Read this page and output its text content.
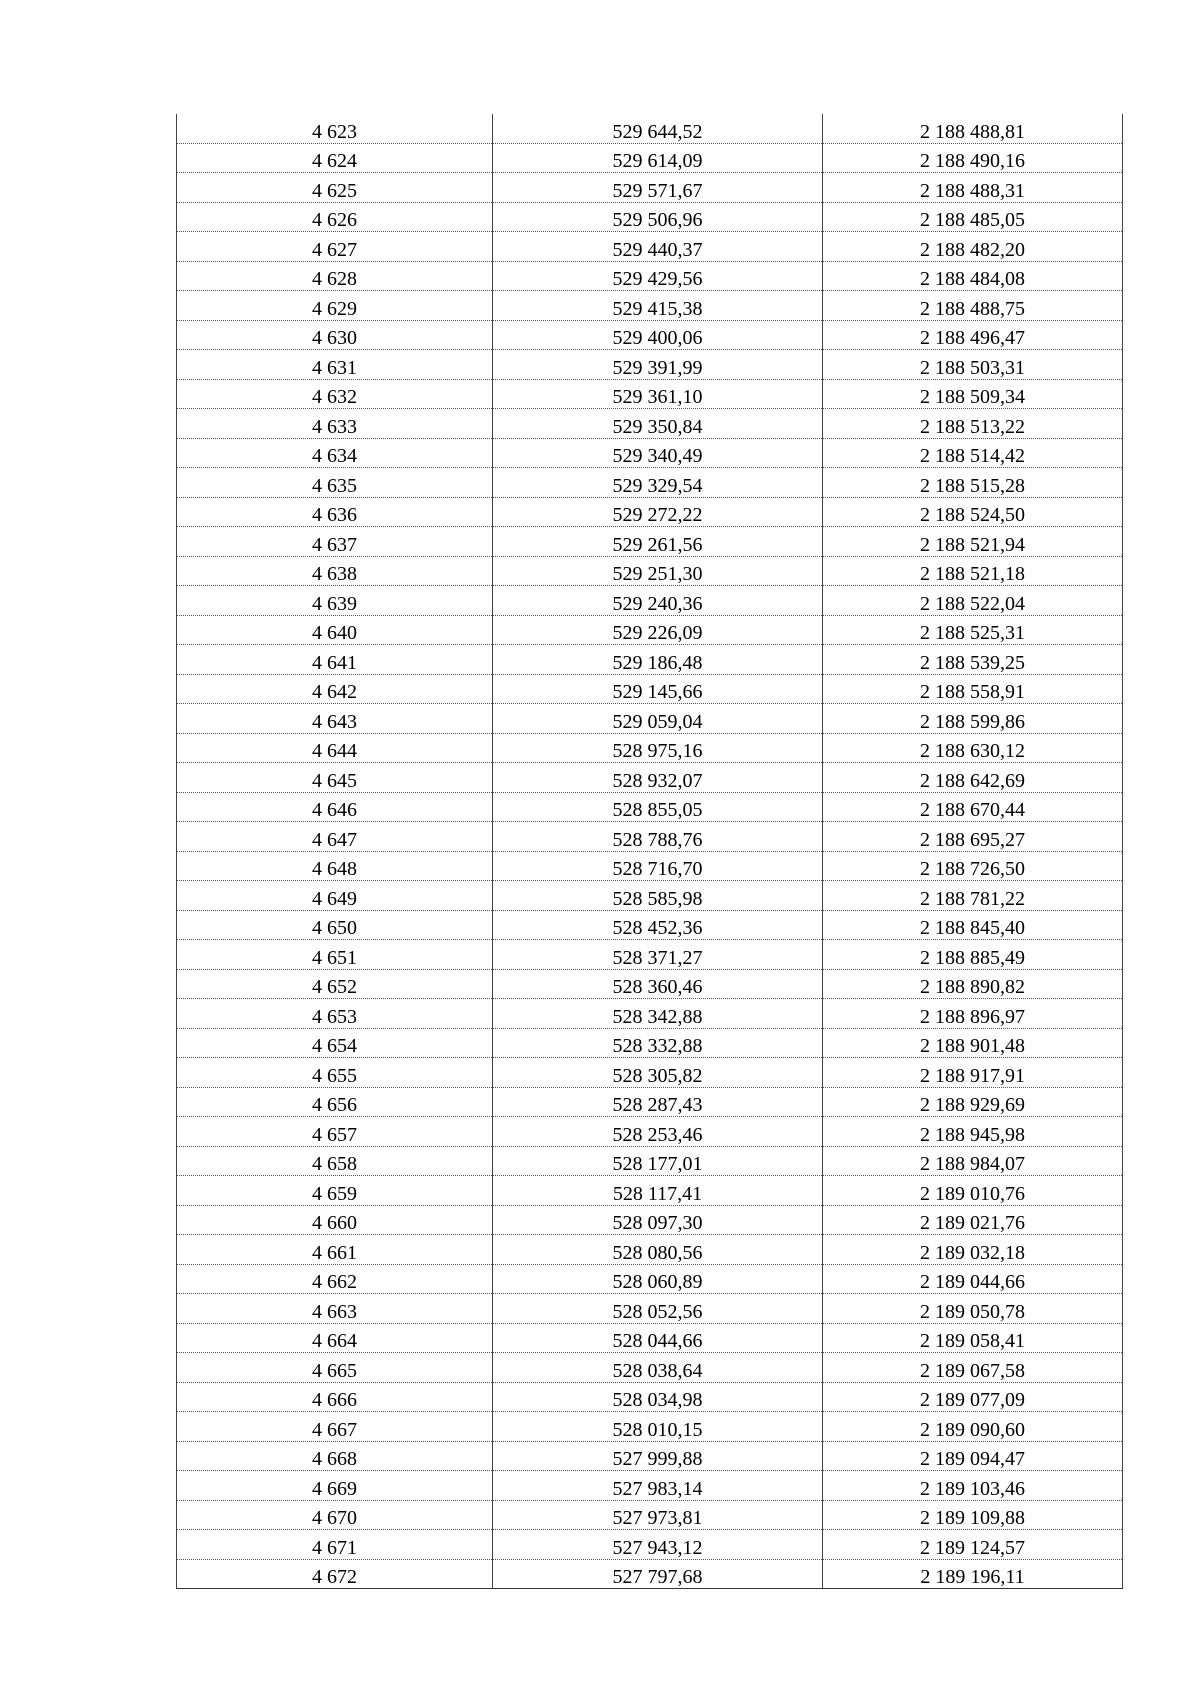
4 623	529 644,52	2 188 488,81
4 624	529 614,09	2 188 490,16
4 625	529 571,67	2 188 488,31
4 626	529 506,96	2 188 485,05
4 627	529 440,37	2 188 482,20
4 628	529 429,56	2 188 484,08
4 629	529 415,38	2 188 488,75
4 630	529 400,06	2 188 496,47
4 631	529 391,99	2 188 503,31
4 632	529 361,10	2 188 509,34
4 633	529 350,84	2 188 513,22
4 634	529 340,49	2 188 514,42
4 635	529 329,54	2 188 515,28
4 636	529 272,22	2 188 524,50
4 637	529 261,56	2 188 521,94
4 638	529 251,30	2 188 521,18
4 639	529 240,36	2 188 522,04
4 640	529 226,09	2 188 525,31
4 641	529 186,48	2 188 539,25
4 642	529 145,66	2 188 558,91
4 643	529 059,04	2 188 599,86
4 644	528 975,16	2 188 630,12
4 645	528 932,07	2 188 642,69
4 646	528 855,05	2 188 670,44
4 647	528 788,76	2 188 695,27
4 648	528 716,70	2 188 726,50
4 649	528 585,98	2 188 781,22
4 650	528 452,36	2 188 845,40
4 651	528 371,27	2 188 885,49
4 652	528 360,46	2 188 890,82
4 653	528 342,88	2 188 896,97
4 654	528 332,88	2 188 901,48
4 655	528 305,82	2 188 917,91
4 656	528 287,43	2 188 929,69
4 657	528 253,46	2 188 945,98
4 658	528 177,01	2 188 984,07
4 659	528 117,41	2 189 010,76
4 660	528 097,30	2 189 021,76
4 661	528 080,56	2 189 032,18
4 662	528 060,89	2 189 044,66
4 663	528 052,56	2 189 050,78
4 664	528 044,66	2 189 058,41
4 665	528 038,64	2 189 067,58
4 666	528 034,98	2 189 077,09
4 667	528 010,15	2 189 090,60
4 668	527 999,88	2 189 094,47
4 669	527 983,14	2 189 103,46
4 670	527 973,81	2 189 109,88
4 671	527 943,12	2 189 124,57
4 672	527 797,68	2 189 196,11
